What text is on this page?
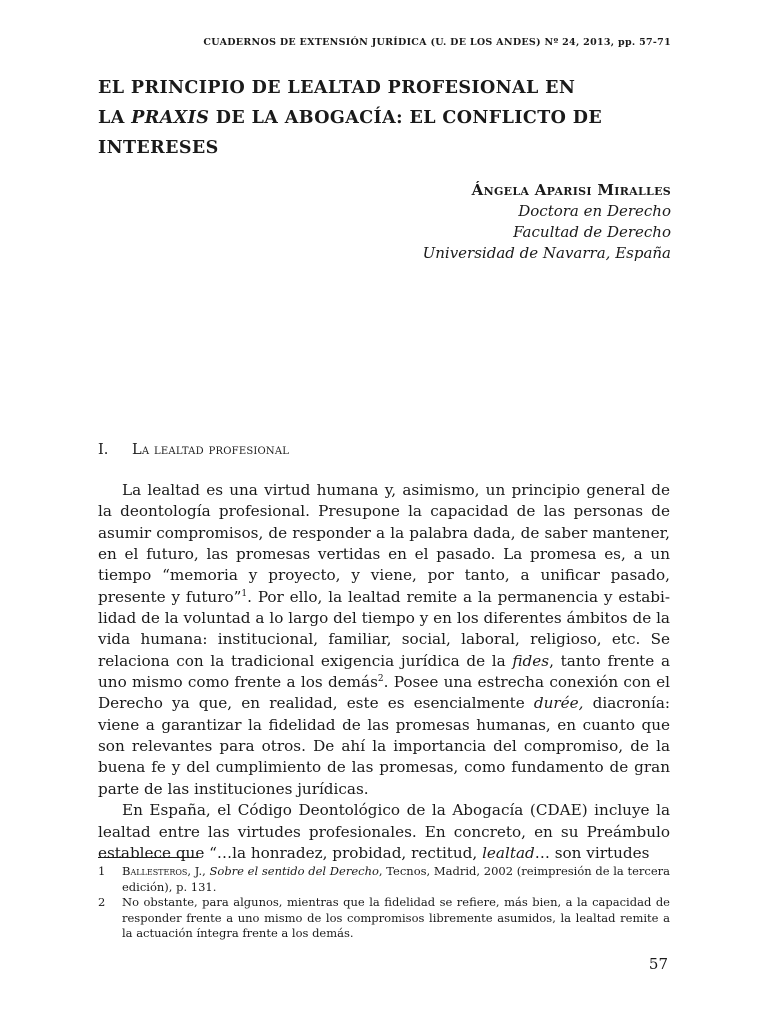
CUADERNOS DE EXTENSIÓN JURÍDICA (U. DE LOS ANDES) Nº 24, 2013, pp. 57-71
EL PRINCIPIO DE LEALTAD PROFESIONAL EN
LA PRAXIS DE LA ABOGACÍA: EL CONFLICTO DE
INTERESES
Ángela Aparisi Miralles
Doctora en Derecho
Facultad de Derecho
Universidad de Navarra, España
I. La lealtad profesional

La lealtad es una virtud humana y, asimismo, un principio general de la deontología profesional. Presupone la capacidad de las personas de asumir compromisos, de responder a la palabra dada, de saber mantener, en el futuro, las promesas vertidas en el pasado. La promesa es, a un tiempo “memoria y proyecto, y viene, por tanto, a unificar pasado, presente y futuro”$^1$. Por ello, la lealtad remite a la permanencia y estabilidad de la voluntad a lo largo del tiempo y en los diferentes ámbitos de la vida humana: institucional, familiar, social, laboral, religioso, etc. Se relaciona con la tradicional exigencia jurídica de la fides, tanto frente a uno mismo como frente a los demás$^2$. Posee una estrecha conexión con el Derecho ya que, en realidad, este es esencialmente durée, diacronía: viene a garantizar la fidelidad de las promesas humanas, en cuanto que son relevantes para otros. De ahí la importancia del compromiso, de la buena fe y del cumplimiento de las promesas, como fundamento de gran parte de las instituciones jurídicas.

En España, el Código Deontológico de la Abogacía (CDAE) incluye la lealtad entre las virtudes profesionales. En concreto, en su Preámbulo establece que “…la honradez, probidad, rectitud, lealtad… son virtudes

1 Ballesteros, J., Sobre el sentido del Derecho, Tecnos, Madrid, 2002 (reimpresión de la tercera edición), p. 131.
2 No obstante, para algunos, mientras que la fidelidad se refiere, más bien, a la capacidad de responder frente a uno mismo de los compromisos libremente asumidos, la lealtad remite a la actuación íntegra frente a los demás.
57
